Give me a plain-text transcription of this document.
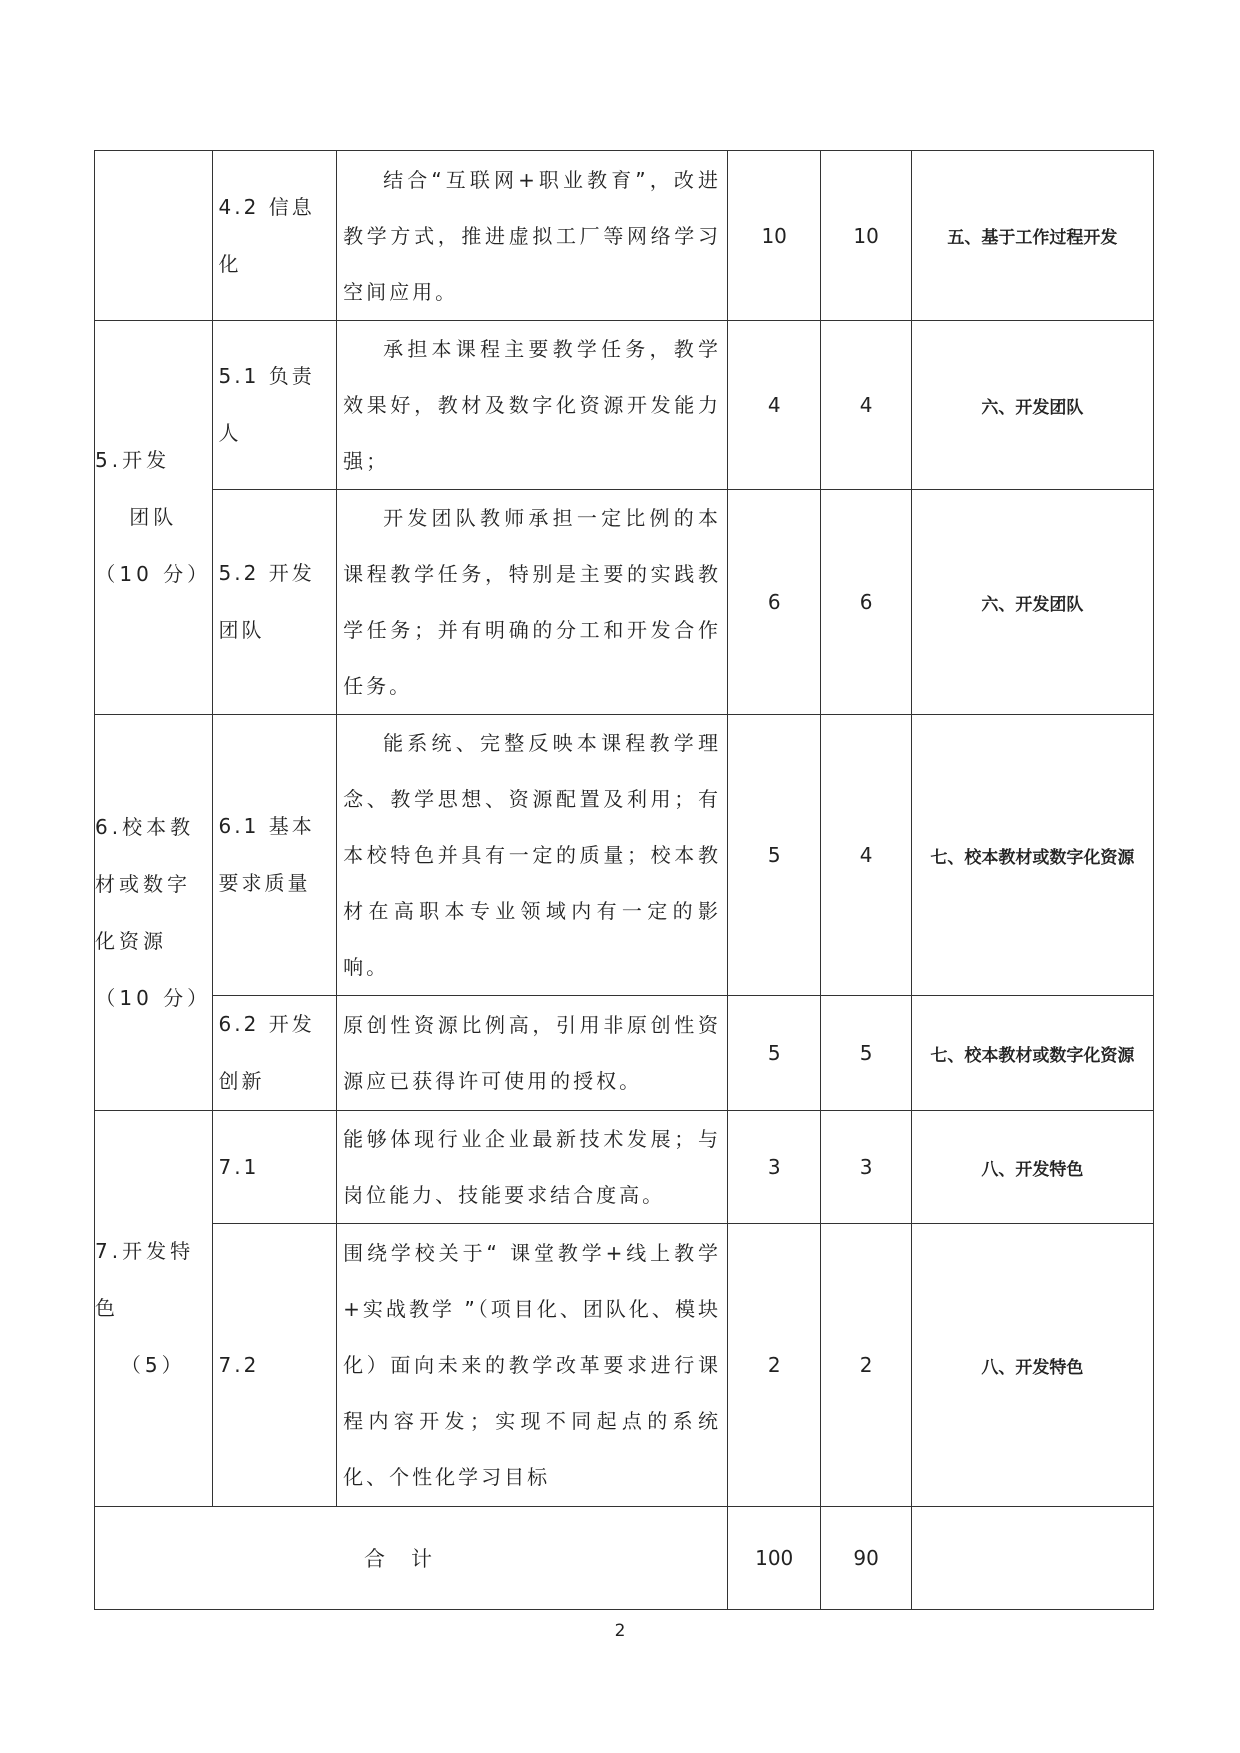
	4.2 信息化	结合“互联网+职业教育”，改进教学方式，推进虚拟工厂等网络学习空间应用。	10	10	五、基于工作过程开发

5.开发
团队
（10 分）	5.1 负责人	承担本课程主要教学任务，教学效果好，教材及数字化资源开发能力强；	4	4	六、开发团队
	5.2 开发团队	开发团队教师承担一定比例的本课程教学任务，特别是主要的实践教学任务；并有明确的分工和开发合作任务。	6	6	六、开发团队

6.校本教材或数字化资源
（10 分）	6.1 基本要求质量	能系统、完整反映本课程教学理念、教学思想、资源配置及利用；有本校特色并具有一定的质量；校本教材在高职本专业领域内有一定的影响。	5	4	七、校本教材或数字化资源
	6.2 开发创新	原创性资源比例高，引用非原创性资源应已获得许可使用的授权。	5	5	七、校本教材或数字化资源

7.开发特色
（5）	7.1	能够体现行业企业最新技术发展；与岗位能力、技能要求结合度高。	3	3	八、开发特色
	7.2	围绕学校关于“ 课堂教学+线上教学+实战教学 ”（项目化、团队化、模块化）面向未来的教学改革要求进行课程内容开发；实现不同起点的系统化、个性化学习目标	2	2	八、开发特色
合计			100	90	
2
